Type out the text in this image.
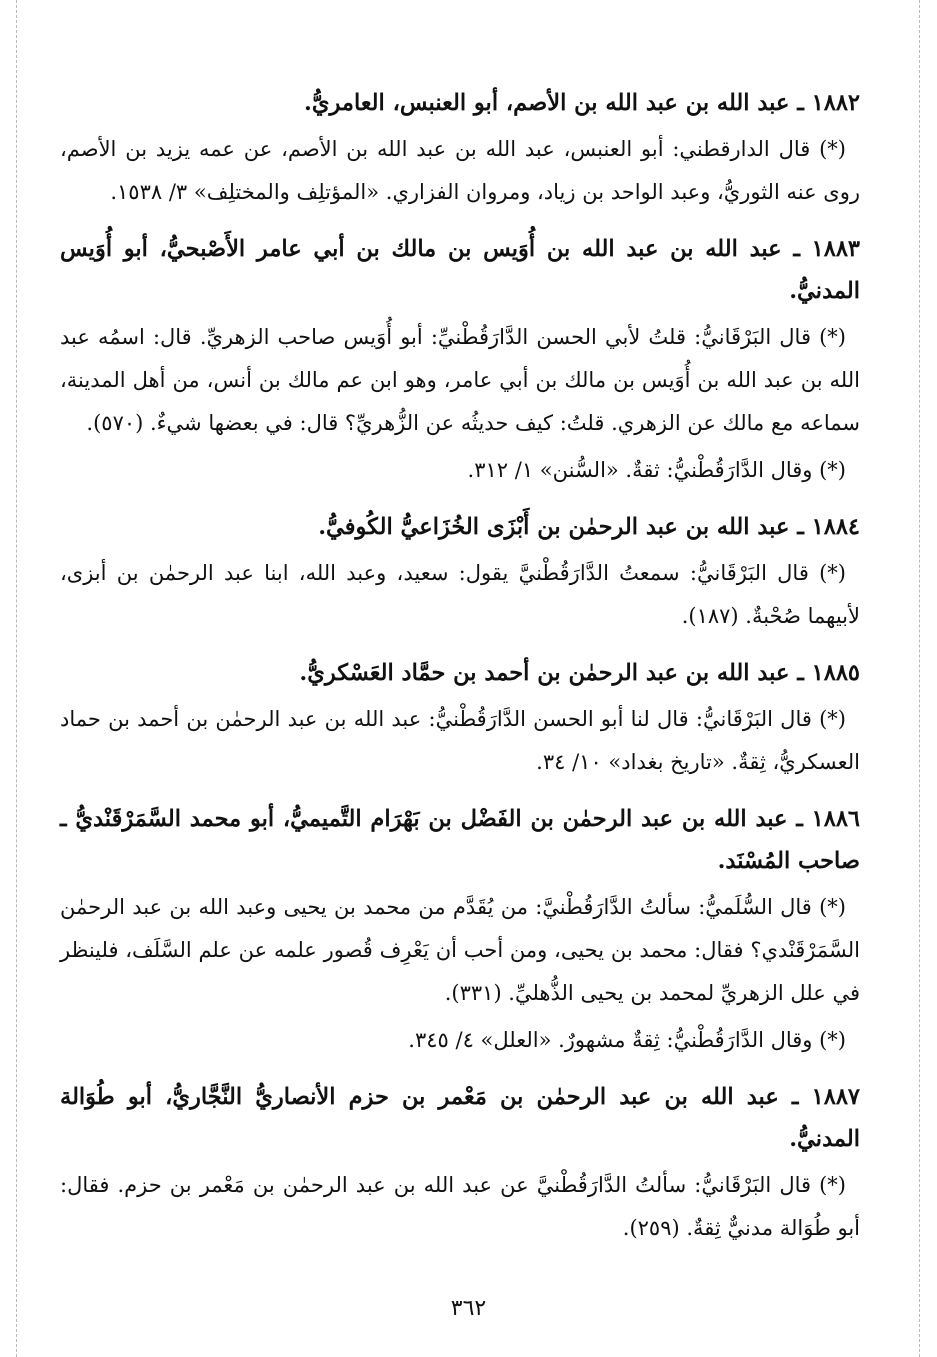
١٨٨٢ ـ عبد الله بن عبد الله بن الأصم، أبو العنبس، العامريُّ.

(*) قال الدارقطني: أبو العنبس، عبد الله بن عبد الله بن الأصم، عن عمه يزيد بن الأصم، روى عنه الثوريُّ، وعبد الواحد بن زياد، ومروان الفزاري. «المؤتلِف والمختلِف» ٣/ ١٥٣٨.

١٨٨٣ ـ عبد الله بن عبد الله بن أُوَيس بن مالك بن أبي عامر الأَصْبحيُّ، أبو أُوَيس المدنيُّ.

(*) قال البَرْقَانيُّ: قلتُ لأبي الحسن الدَّارَقُطْنيِّ: أبو أُوَيس صاحب الزهريِّ. قال: اسمُه عبد الله بن عبد الله بن أُوَيس بن مالك بن أبي عامر، وهو ابن عم مالك بن أنس، من أهل المدينة، سماعه مع مالك عن الزهري. قلتُ: كيف حديثُه عن الزُّهريِّ؟ قال: في بعضها شيءٌ. (٥٧٠).

(*) وقال الدَّارَقُطْنيُّ: ثقةٌ. «السُّنن» ١/ ٣١٢.

١٨٨٤ ـ عبد الله بن عبد الرحمٰن بن أَبْزَى الخُزَاعيُّ الكُوفيُّ.

(*) قال البَرْقَانيُّ: سمعتُ الدَّارَقُطْنيَّ يقول: سعيد، وعبد الله، ابنا عبد الرحمٰن بن أبزى، لأبيهما صُحْبةٌ. (١٨٧).

١٨٨٥ ـ عبد الله بن عبد الرحمٰن بن أحمد بن حمَّاد العَسْكريُّ.

(*) قال البَرْقَانيُّ: قال لنا أبو الحسن الدَّارَقُطْنيُّ: عبد الله بن عبد الرحمٰن بن أحمد بن حماد العسكريُّ، ثِقةٌ. «تاريخ بغداد» ١٠/ ٣٤.

١٨٨٦ ـ عبد الله بن عبد الرحمٰن بن الفَضْل بن بَهْرَام التَّميميُّ، أبو محمد السَّمَرْقَنْديُّ ـ صاحب المُسْنَد.

(*) قال السُّلَميُّ: سألتُ الدَّارَقُطْنيَّ: من يُقَدَّم من محمد بن يحيى وعبد الله بن عبد الرحمٰن السَّمَرْقَنْدي؟ فقال: محمد بن يحيى، ومن أحب أن يَعْرِف قُصور علمه عن علم السَّلَف، فلينظر في علل الزهريِّ لمحمد بن يحيى الذُّهليِّ. (٣٣١).

(*) وقال الدَّارَقُطْنيُّ: ثِقةٌ مشهورٌ. «العلل» ٤/ ٣٤٥.

١٨٨٧ ـ عبد الله بن عبد الرحمٰن بن مَعْمر بن حزم الأنصاريُّ النَّجَّاريُّ، أبو طُوَالة المدنيُّ.

(*) قال البَرْقَانيُّ: سألتُ الدَّارَقُطْنيَّ عن عبد الله بن عبد الرحمٰن بن مَعْمر بن حزم. فقال: أبو طُوَالة مدنيٌّ ثِقةٌ. (٢٥٩).

٣٦٢
